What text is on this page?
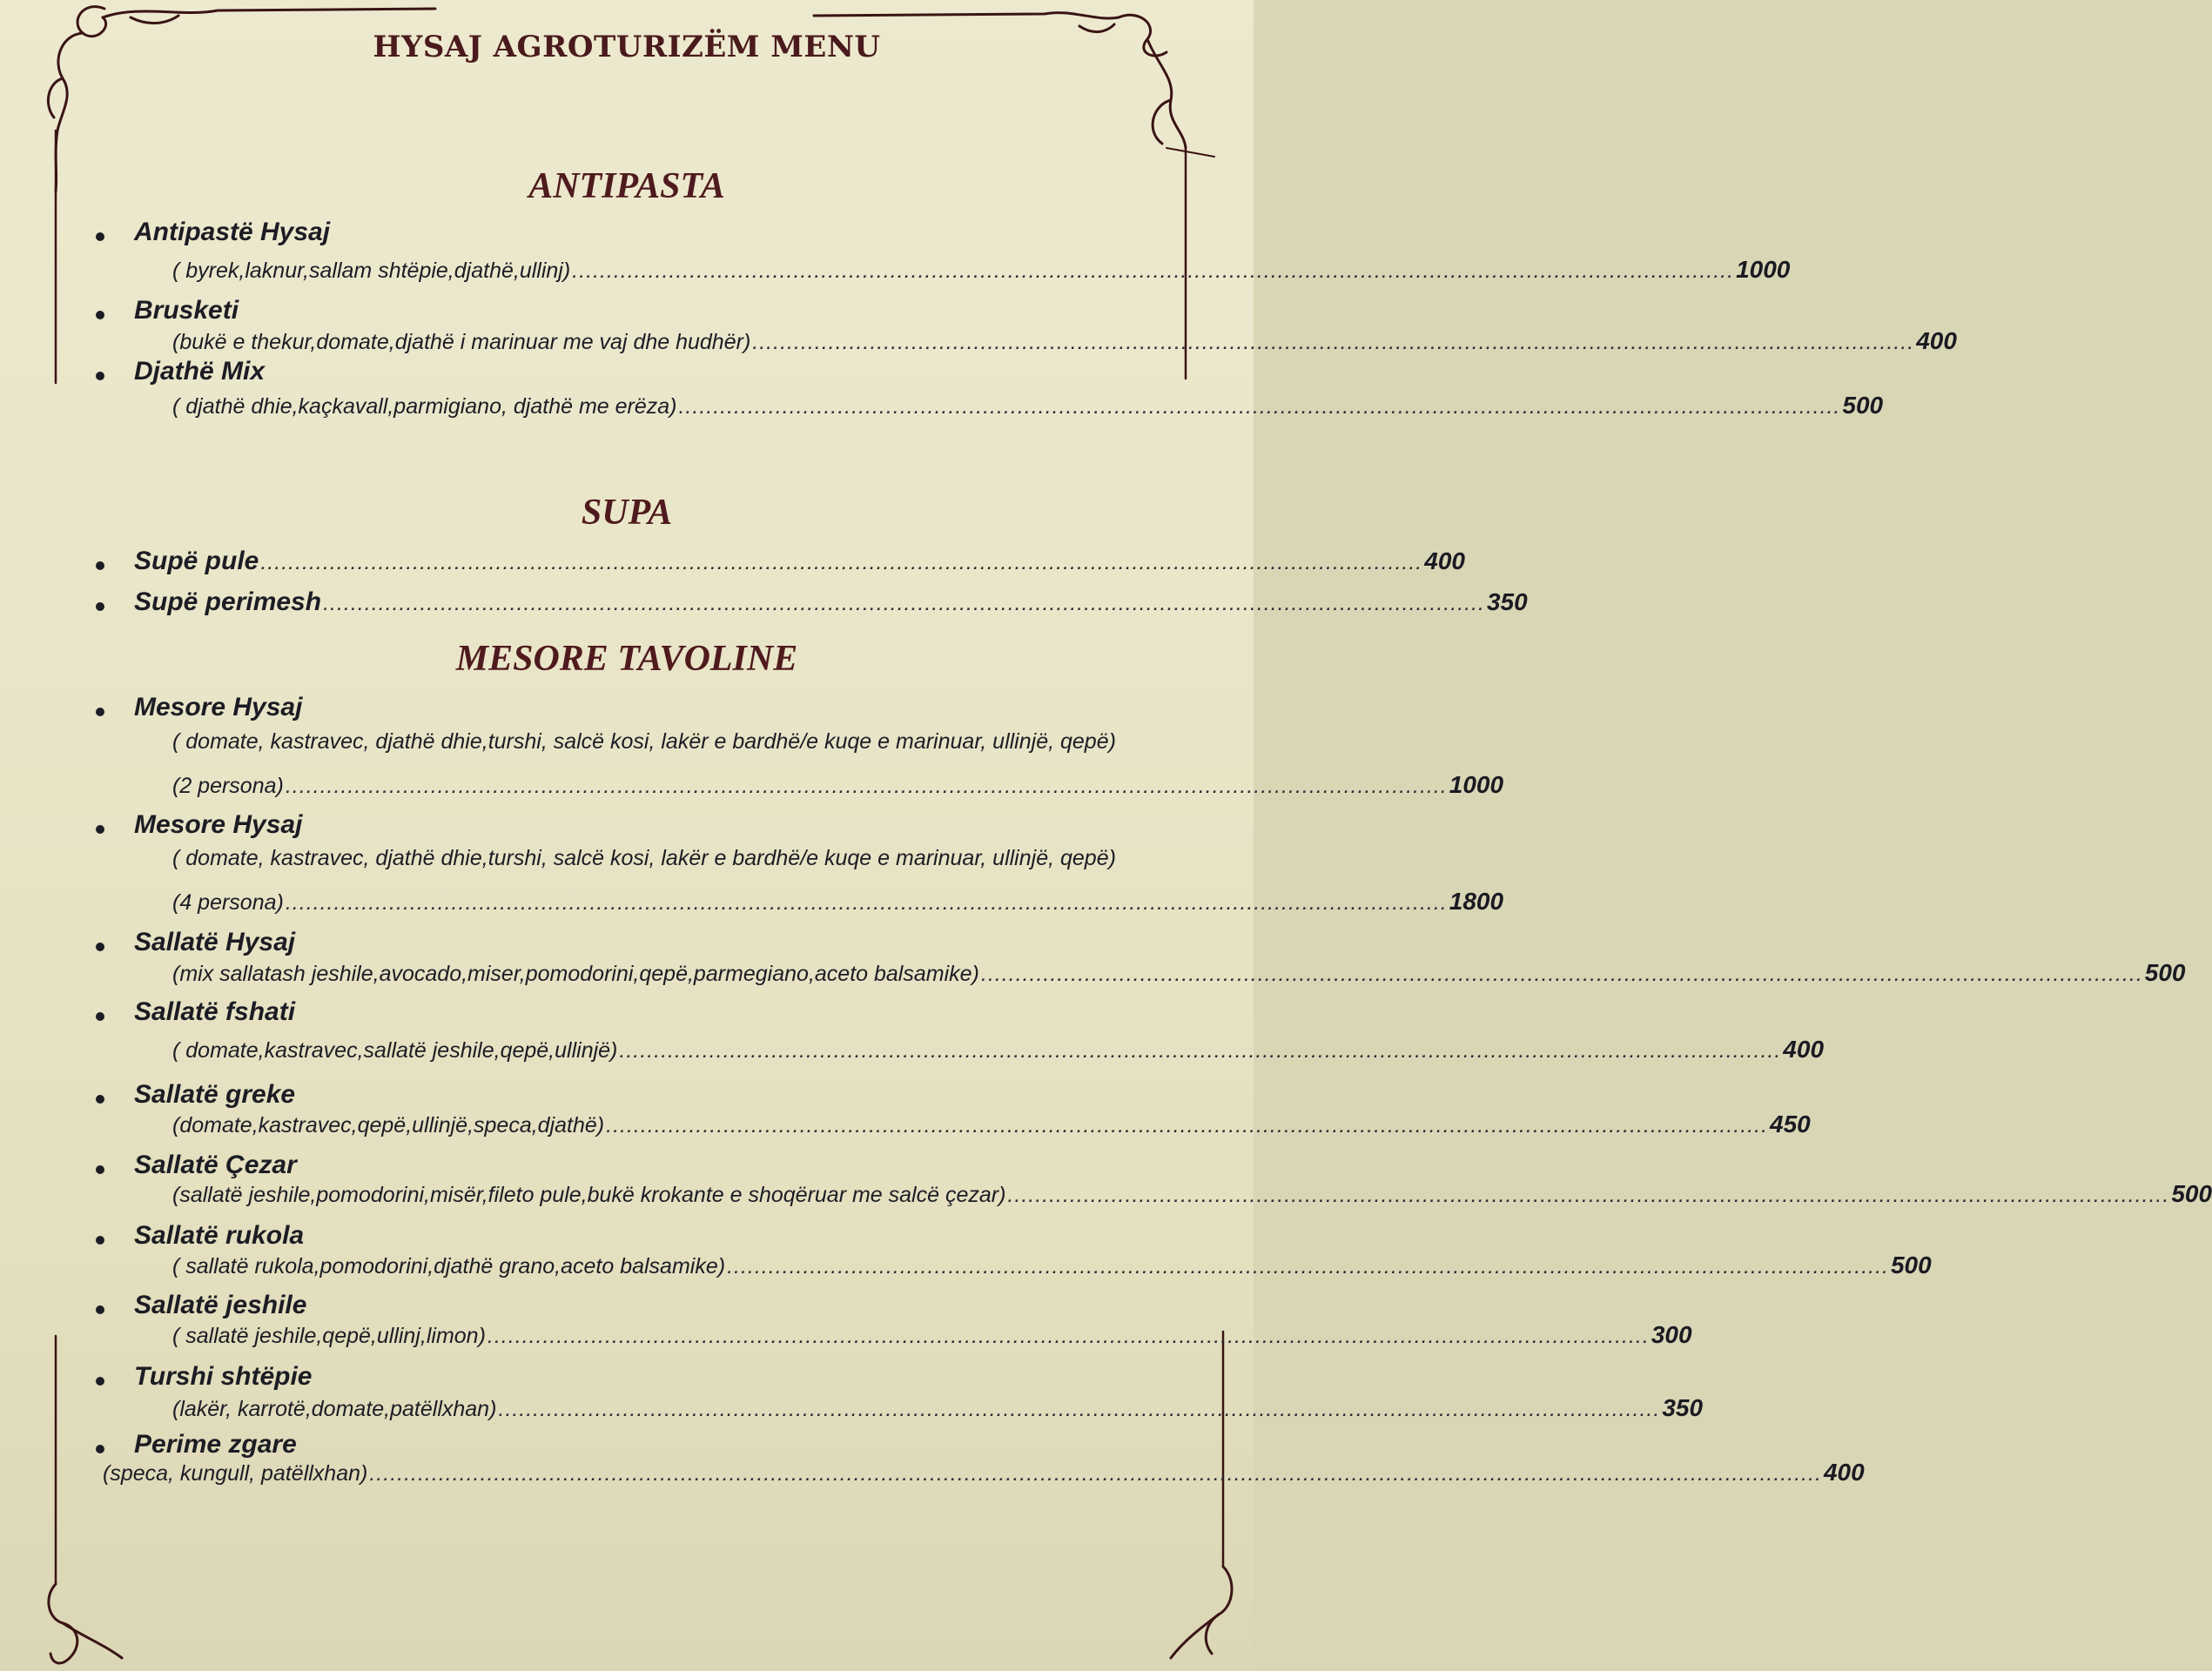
HYSAJ AGROTURIZËM MENU
ANTIPASTA
Antipastë Hysaj
( byrek,laknur,sallam shtëpie,djathë,ullinj) ........................................................................................................................................................................ 1000
Brusketi
(bukë e thekur,domate,djathë i marinuar me vaj dhe hudhër) ........................................................................................................................................................................ 400
Djathë Mix
( djathë dhie,kaçkavall,parmigiano, djathë me erëza) ........................................................................................................................................................................ 500
SUPA
Supë pule ........................................................................................................................................................................ 400
Supë perimesh ........................................................................................................................................................................ 350
MESORE TAVOLINE
Mesore Hysaj
( domate, kastravec, djathë dhie,turshi, salcë kosi, lakër e bardhë/e kuqe e marinuar, ullinjë, qepë)
(2 persona) ........................................................................................................................................................................ 1000
Mesore Hysaj
( domate, kastravec, djathë dhie,turshi, salcë kosi, lakër e bardhë/e kuqe e marinuar, ullinjë, qepë)
(4 persona) ........................................................................................................................................................................ 1800
Sallatë Hysaj
(mix sallatash jeshile,avocado,miser,pomodorini,qepë,parmegiano,aceto balsamike) ........................................................................................................................................................................ 500
Sallatë fshati
( domate,kastravec,sallatë jeshile,qepë,ullinjë) ........................................................................................................................................................................ 400
Sallatë greke
(domate,kastravec,qepë,ullinjë,speca,djathë) ........................................................................................................................................................................ 450
Sallatë Çezar
(sallatë jeshile,pomodorini,misër,fileto pule,bukë krokante e shoqëruar me salcë çezar) ........................................................................................................................................................................ 500
Sallatë rukola
( sallatë rukola,pomodorini,djathë grano,aceto balsamike) ........................................................................................................................................................................ 500
Sallatë jeshile
( sallatë jeshile,qepë,ullinj,limon) ........................................................................................................................................................................ 300
Turshi shtëpie
(lakër, karrotë,domate,patëllxhan) ........................................................................................................................................................................ 350
Perime zgare
(speca, kungull, patëllxhan) .................................................................................................................................................................................................................. 400
